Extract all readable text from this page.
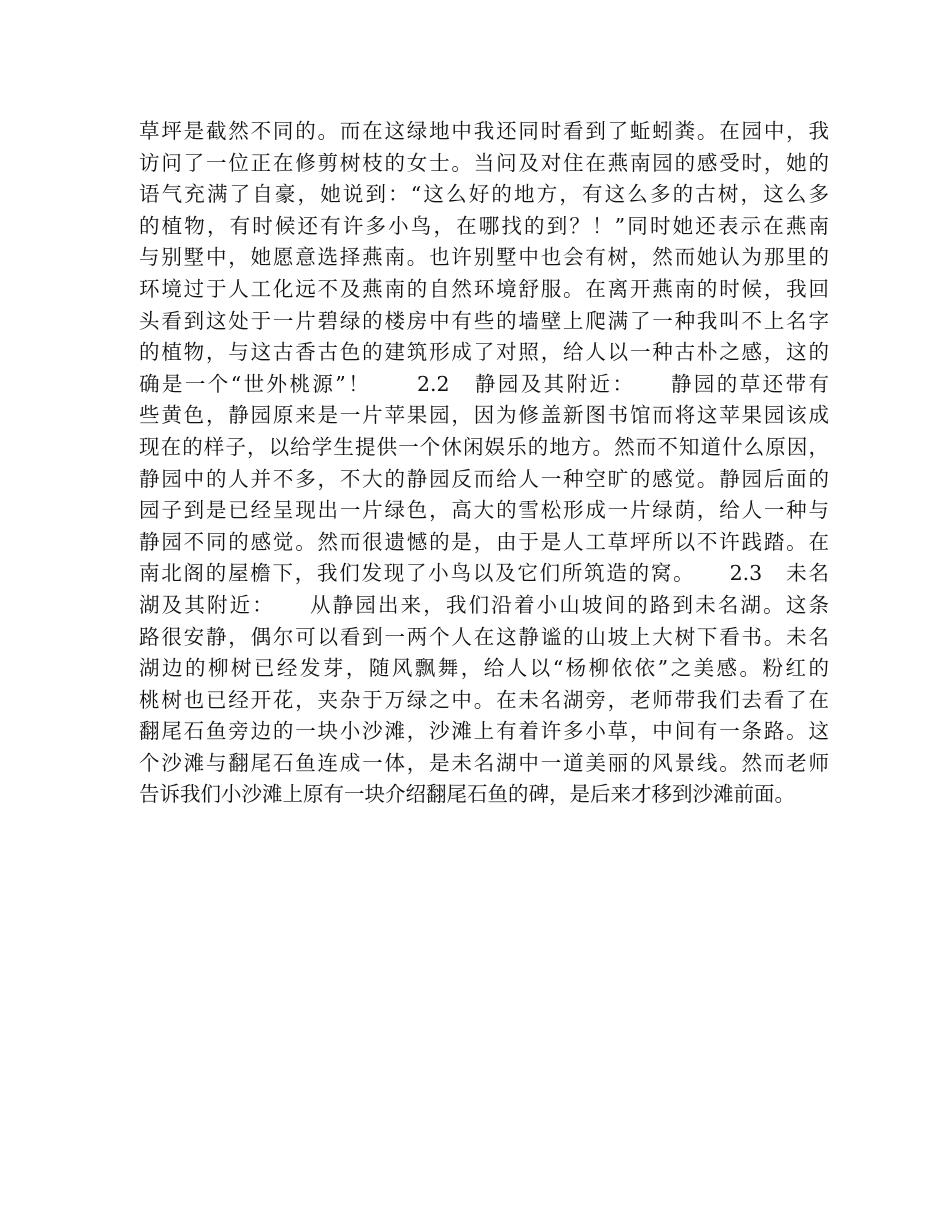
草坪是截然不同的。而在这绿地中我还同时看到了蚯蚓粪。在园中，我
访问了一位正在修剪树枝的女士。当问及对住在燕南园的感受时，她的
语气充满了自豪，她说到：“这么好的地方，有这么多的古树，这么多
的植物，有时候还有许多小鸟，在哪找的到？！”同时她还表示在燕南
与别墅中，她愿意选择燕南。也许别墅中也会有树，然而她认为那里的
环境过于人工化远不及燕南的自然环境舒服。在离开燕南的时候，我回
头看到这处于一片碧绿的楼房中有些的墙壁上爬满了一种我叫不上名字
的植物，与这古香古色的建筑形成了对照，给人以一种古朴之感，这的
确是一个“世外桃源”！　　2.2　静园及其附近：　　静园的草还带有
些黄色，静园原来是一片苹果园，因为修盖新图书馆而将这苹果园该成
现在的样子，以给学生提供一个休闲娱乐的地方。然而不知道什么原因，
静园中的人并不多，不大的静园反而给人一种空旷的感觉。静园后面的
园子到是已经呈现出一片绿色，高大的雪松形成一片绿荫，给人一种与
静园不同的感觉。然而很遗憾的是，由于是人工草坪所以不许践踏。在
南北阁的屋檐下，我们发现了小鸟以及它们所筑造的窝。　　2.3　未名
湖及其附近：　　从静园出来，我们沿着小山坡间的路到未名湖。这条
路很安静，偶尔可以看到一两个人在这静谧的山坡上大树下看书。未名
湖边的柳树已经发芽，随风飘舞，给人以“杨柳依依”之美感。粉红的
桃树也已经开花，夹杂于万绿之中。在未名湖旁，老师带我们去看了在
翻尾石鱼旁边的一块小沙滩，沙滩上有着许多小草，中间有一条路。这
个沙滩与翻尾石鱼连成一体，是未名湖中一道美丽的风景线。然而老师
告诉我们小沙滩上原有一块介绍翻尾石鱼的碑，是后来才移到沙滩前面。
